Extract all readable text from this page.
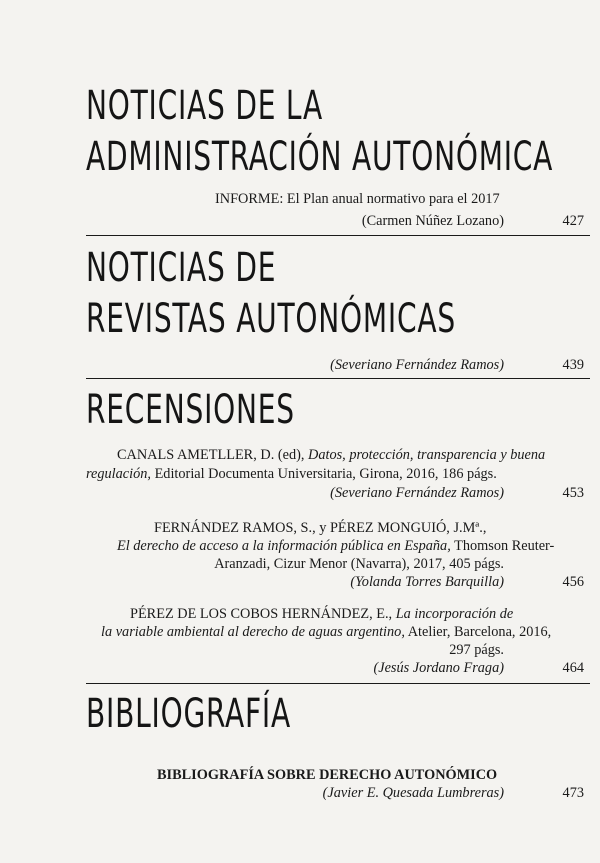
NOTICIAS DE LA
ADMINISTRACIÓN AUTONÓMICA
INFORME: El Plan anual normativo para el 2017
(Carmen Núñez Lozano)	427
NOTICIAS DE
REVISTAS AUTONÓMICAS
(Severiano Fernández Ramos)	439
RECENSIONES
CANALS AMETLLER, D. (ed), Datos, protección, transparencia y buena
regulación, Editorial Documenta Universitaria, Girona, 2016, 186 págs.
(Severiano Fernández Ramos)	453
FERNÁNDEZ RAMOS, S., y PÉREZ MONGUIÓ, J.Mª.,
El derecho de acceso a la información pública en España, Thomson Reuter-
Aranzadi, Cizur Menor (Navarra), 2017, 405 págs.
(Yolanda Torres Barquilla)	456
PÉREZ DE LOS COBOS HERNÁNDEZ, E., La incorporación de
la variable ambiental al derecho de aguas argentino, Atelier, Barcelona, 2016,
297 págs.
(Jesús Jordano Fraga)	464
BIBLIOGRAFÍA
BIBLIOGRAFÍA SOBRE DERECHO AUTONÓMICO
(Javier E. Quesada Lumbreras)	473
